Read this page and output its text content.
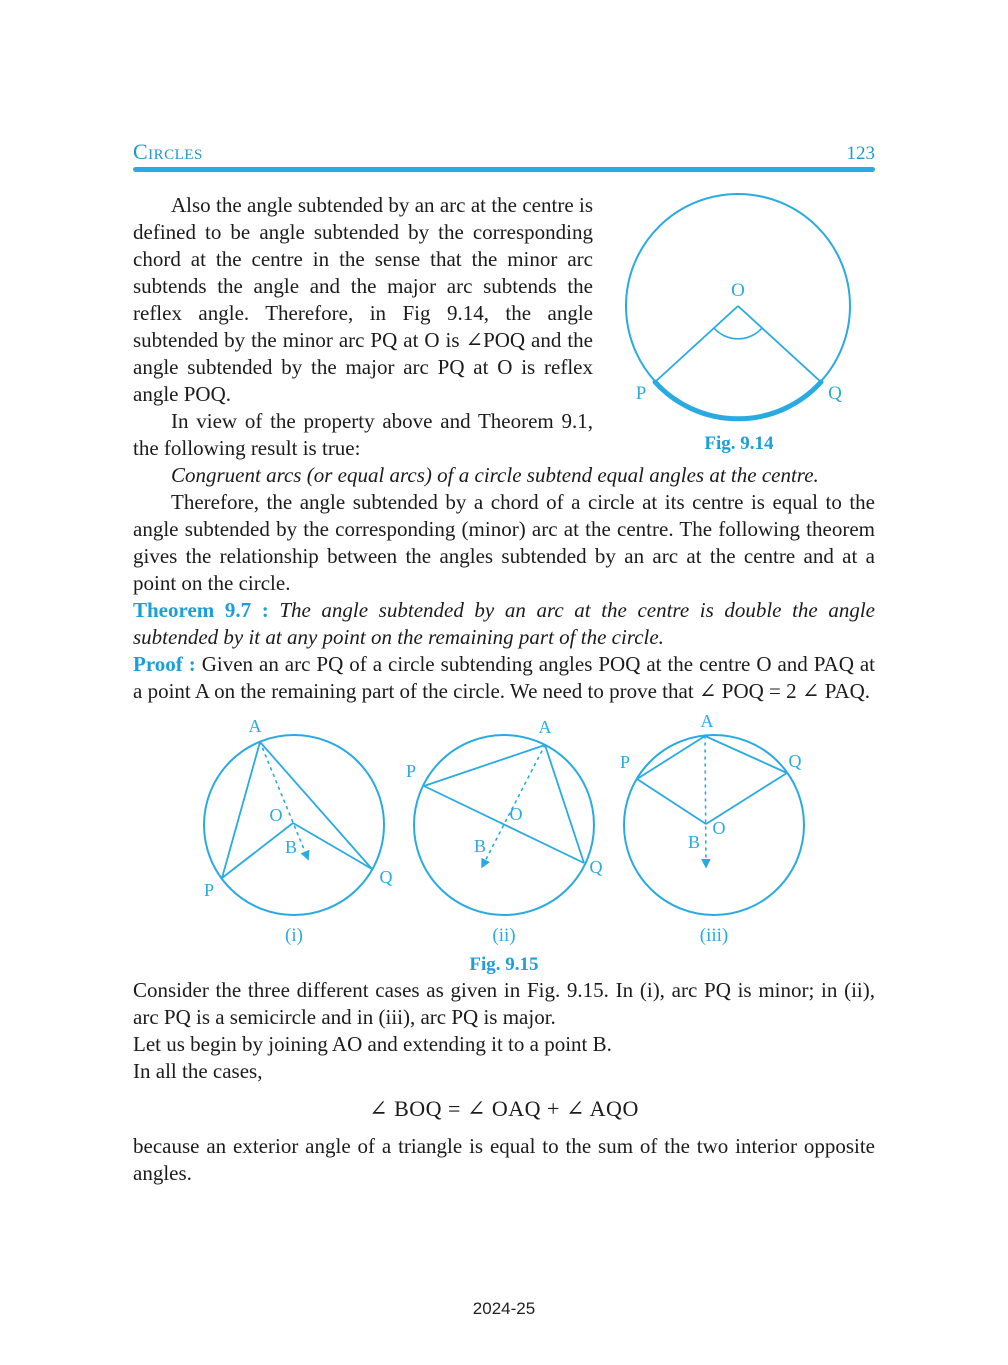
Circles	123
O
P	Q
Fig. 9.14

Also the angle subtended by an arc at the centre is defined to be angle subtended by the corresponding chord at the centre in the sense that the minor arc subtends the angle and the major arc subtends the reflex angle. Therefore, in Fig 9.14, the angle subtended by the minor arc PQ at O is ∠POQ and the angle subtended by the major arc PQ at O is reflex angle POQ.

In view of the property above and Theorem 9.1, the following result is true:

Congruent arcs (or equal arcs) of a circle subtend equal angles at the centre.

Therefore, the angle subtended by a chord of a circle at its centre is equal to the angle subtended by the corresponding (minor) arc at the centre. The following theorem gives the relationship between the angles subtended by an arc at the centre and at a point on the circle.

Theorem 9.7 : The angle subtended by an arc at the centre is double the angle subtended by it at any point on the remaining part of the circle.

Proof : Given an arc PQ of a circle subtending angles POQ at the centre O and PAQ at a point A on the remaining part of the circle. We need to prove that ∠ POQ = 2 ∠ PAQ.

A
P
Q
O
B
(i)
A
P
Q
O
B
(ii)
A
P	Q
O
B
(iii)
Fig. 9.15

Consider the three different cases as given in Fig. 9.15. In (i), arc PQ is minor; in (ii), arc PQ is a semicircle and in (iii), arc PQ is major.

Let us begin by joining AO and extending it to a point B.

In all the cases,

∠ BOQ = ∠ OAQ + ∠ AQO

because an exterior angle of a triangle is equal to the sum of the two interior opposite angles.

2024-25
